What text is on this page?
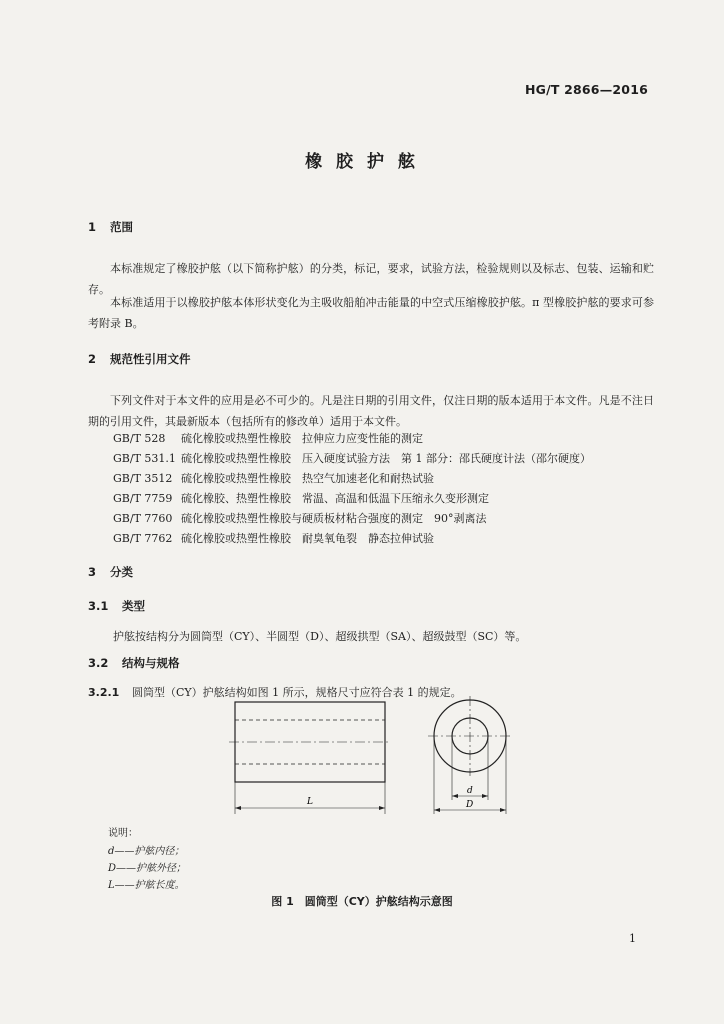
HG/T 2866—2016
橡 胶 护 舷
1 范围

本标准规定了橡胶护舷（以下简称护舷）的分类，标记，要求，试验方法，检验规则以及标志、包装、运输和贮存。

本标准适用于以橡胶护舷本体形状变化为主吸收船舶冲击能量的中空式压缩橡胶护舷。π 型橡胶护舷的要求可参考附录 B。

2 规范性引用文件

下列文件对于本文件的应用是必不可少的。凡是注日期的引用文件，仅注日期的版本适用于本文件。凡是不注日期的引用文件，其最新版本（包括所有的修改单）适用于本文件。

GB/T 528 硫化橡胶或热塑性橡胶　拉伸应力应变性能的测定
GB/T 531.1 硫化橡胶或热塑性橡胶　压入硬度试验方法　第 1 部分：邵氏硬度计法（邵尔硬度）
GB/T 3512 硫化橡胶或热塑性橡胶　热空气加速老化和耐热试验
GB/T 7759 硫化橡胶、热塑性橡胶　常温、高温和低温下压缩永久变形测定
GB/T 7760 硫化橡胶或热塑性橡胶与硬质板材粘合强度的测定　90°剥离法
GB/T 7762 硫化橡胶或热塑性橡胶　耐臭氧龟裂　静态拉伸试验
3 分类
3.1 类型
护舷按结构分为圆筒型（CY）、半圆型（D）、超级拱型（SA）、超级鼓型（SC）等。
3.2 结构与规格
3.2.1 圆筒型（CY）护舷结构如图 1 所示，规格尺寸应符合表 1 的规定。
L
d
D
说明：
d——护舷内径；
D——护舷外径；
L——护舷长度。
图 1　圆筒型（CY）护舷结构示意图
1
